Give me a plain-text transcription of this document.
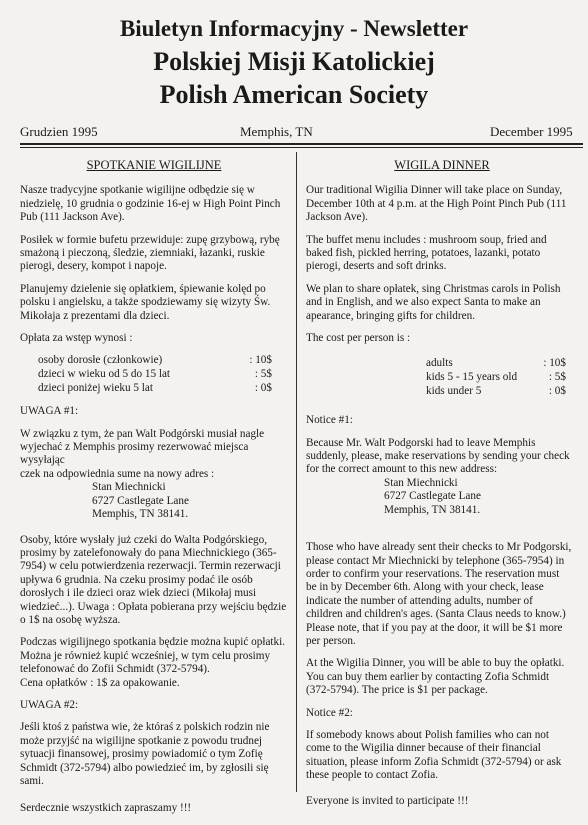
Biuletyn Informacyjny - Newsletter
Polskiej Misji Katolickiej
Polish American Society
Grudzien 1995	Memphis, TN	December 1995
SPOTKANIE WIGILIJNE

Nasze tradycyjne spotkanie wigilijne odbędzie się w
niedzielę, 10 grudnia o godzinie 16-ej w High Point Pinch
Pub (111 Jackson Ave).

Posiłek w formie bufetu przewiduje: zupę grzybową, rybę
smażoną i pieczoną, śledzie, ziemniaki, łazanki, ruskie
pierogi, desery, kompot i napoje.

Planujemy dzielenie się opłatkiem, śpiewanie kolęd po
polsku i angielsku, a także spodziewamy się wizyty Św.
Mikołaja z prezentami dla dzieci.

Opłata za wstęp wynosi :

osoby dorosłe (członkowie)	: 10$
dzieci w wieku od 5 do 15 lat	: 5$
dzieci poniżej wieku 5 lat	: 0$

UWAGA #1:

W związku z tym, że pan Walt Podgórski musiał nagle
wyjechać z Memphis prosimy rezerwować miejsca wysyłając
czek na odpowiednia sume na nowy adres :

Stan Miechnicki
6727 Castlegate Lane
Memphis, TN 38141.

Osoby, które wysłały już czeki do Walta Podgórskiego,
prosimy by zatelefonowały do pana Miechnickiego (365-
7954) w celu potwierdzenia rezerwacji. Termin rezerwacji
upływa 6 grudnia. Na czeku prosimy podać ile osób
dorosłych i ile dzieci oraz wiek dzieci (Mikołaj musi
wiedzieć...). Uwaga : Opłata pobierana przy wejściu będzie
o 1$ na osobę wyższa.

Podczas wigilijnego spotkania będzie można kupić opłatki.
Można je również kupić wcześniej, w tym celu prosimy
telefonować do Zofii Schmidt (372-5794).
Cena opłatków : 1$ za opakowanie.

UWAGA #2:

Jeśli ktoś z państwa wie, że któraś z polskich rodzin nie
może przyjść na wigilijne spotkanie z powodu trudnej
sytuacji finansowej, prosimy powiadomić o tym Zofię
Schmidt (372-5794) albo powiedzieć im, by zgłosili się
sami.

Serdecznie wszystkich zapraszamy !!!

WIGILA DINNER

Our traditional Wigilia Dinner will take place on Sunday,
December 10th at 4 p.m. at the High Point Pinch Pub (111
Jackson Ave).

The buffet menu includes : mushroom soup, fried and
baked fish, pickled herring, potatoes, lazanki, potato
pierogi, deserts and soft drinks.

We plan to share opłatek, sing Christmas carols in Polish
and in English, and we also expect Santa to make an
apearance, bringing gifts for children.

The cost per person is :

adults	: 10$
kids 5 - 15 years old	: 5$
kids under 5	: 0$

Notice #1:

Because Mr. Walt Podgorski had to leave Memphis
suddenly, please, make reservations by sending your check
for the correct amount to this new address:

Stan Miechnicki
6727 Castlegate Lane
Memphis, TN 38141.

Those who have already sent their checks to Mr Podgorski,
please contact Mr Miechnicki by telephone (365-7954) in
order to confirm your reservations. The reservation must
be in by December 6th. Along with your check, lease
indicate the number of attending adults, number of
children and children's ages. (Santa Claus needs to know.)
Please note, that if you pay at the door, it will be $1 more
per person.

At the Wigilia Dinner, you will be able to buy the opłatki.
You can buy them earlier by contacting Zofia Schmidt
(372-5794). The price is $1 per package.

Notice #2:

If somebody knows about Polish families who can not
come to the Wigilia dinner because of their financial
situation, please inform Zofia Schmidt (372-5794) or ask
these people to contact Zofia.

Everyone is invited to participate !!!
